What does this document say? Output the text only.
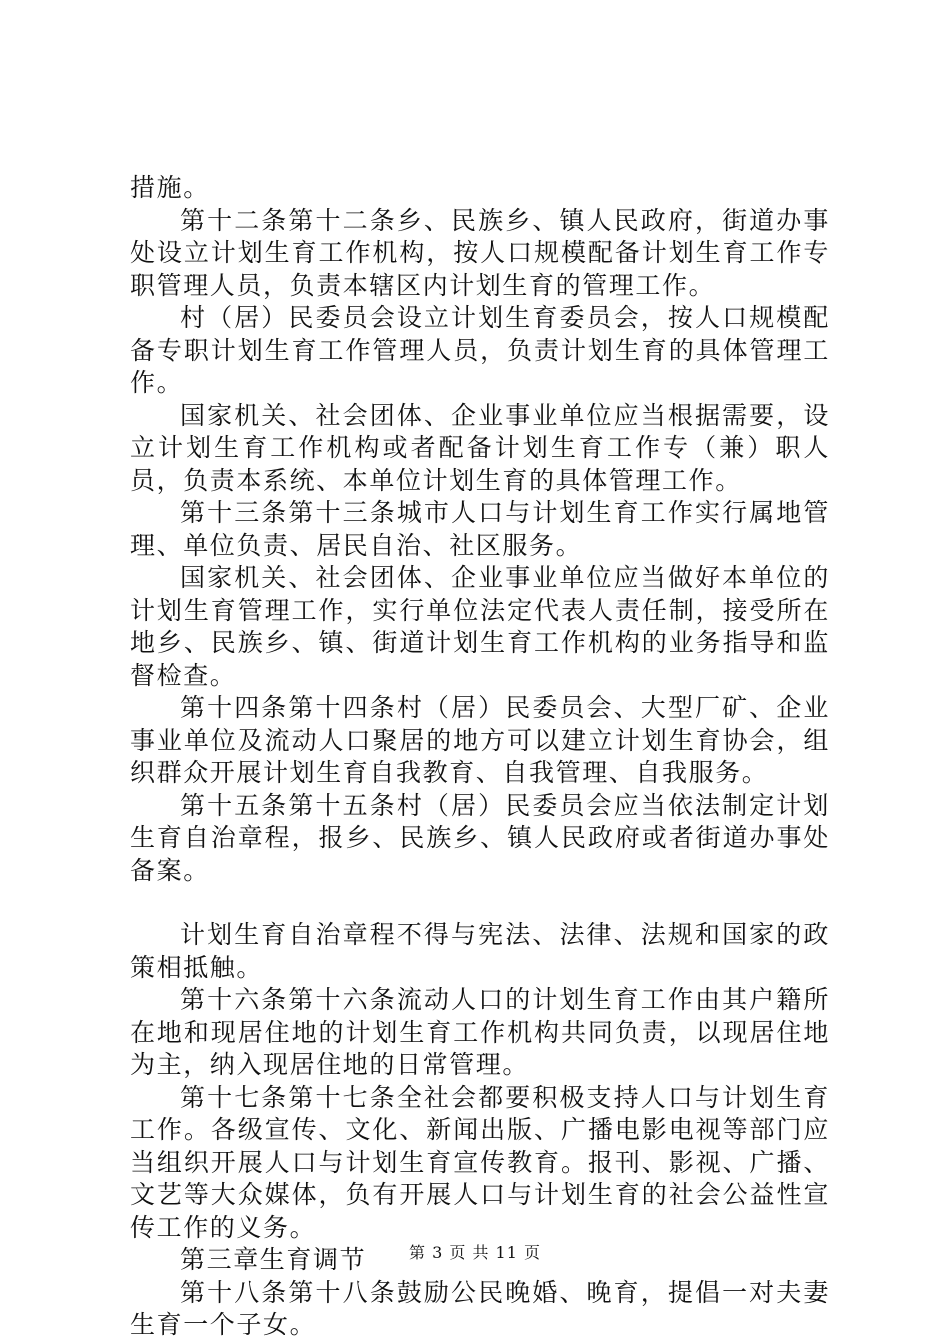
措施。

第十二条第十二条乡、民族乡、镇人民政府，街道办事处设立计划生育工作机构，按人口规模配备计划生育工作专职管理人员，负责本辖区内计划生育的管理工作。

村（居）民委员会设立计划生育委员会，按人口规模配备专职计划生育工作管理人员，负责计划生育的具体管理工作。

国家机关、社会团体、企业事业单位应当根据需要，设立计划生育工作机构或者配备计划生育工作专（兼）职人员，负责本系统、本单位计划生育的具体管理工作。

第十三条第十三条城市人口与计划生育工作实行属地管理、单位负责、居民自治、社区服务。

国家机关、社会团体、企业事业单位应当做好本单位的计划生育管理工作，实行单位法定代表人责任制，接受所在地乡、民族乡、镇、街道计划生育工作机构的业务指导和监督检查。

第十四条第十四条村（居）民委员会、大型厂矿、企业事业单位及流动人口聚居的地方可以建立计划生育协会，组织群众开展计划生育自我教育、自我管理、自我服务。

第十五条第十五条村（居）民委员会应当依法制定计划生育自治章程，报乡、民族乡、镇人民政府或者街道办事处备案。

计划生育自治章程不得与宪法、法律、法规和国家的政策相抵触。

第十六条第十六条流动人口的计划生育工作由其户籍所在地和现居住地的计划生育工作机构共同负责，以现居住地为主，纳入现居住地的日常管理。

第十七条第十七条全社会都要积极支持人口与计划生育工作。各级宣传、文化、新闻出版、广播电影电视等部门应当组织开展人口与计划生育宣传教育。报刊、影视、广播、文艺等大众媒体，负有开展人口与计划生育的社会公益性宣传工作的义务。

第三章生育调节

第十八条第十八条鼓励公民晚婚、晚育，提倡一对夫妻生育一个子女。

第 3 页 共 11 页
